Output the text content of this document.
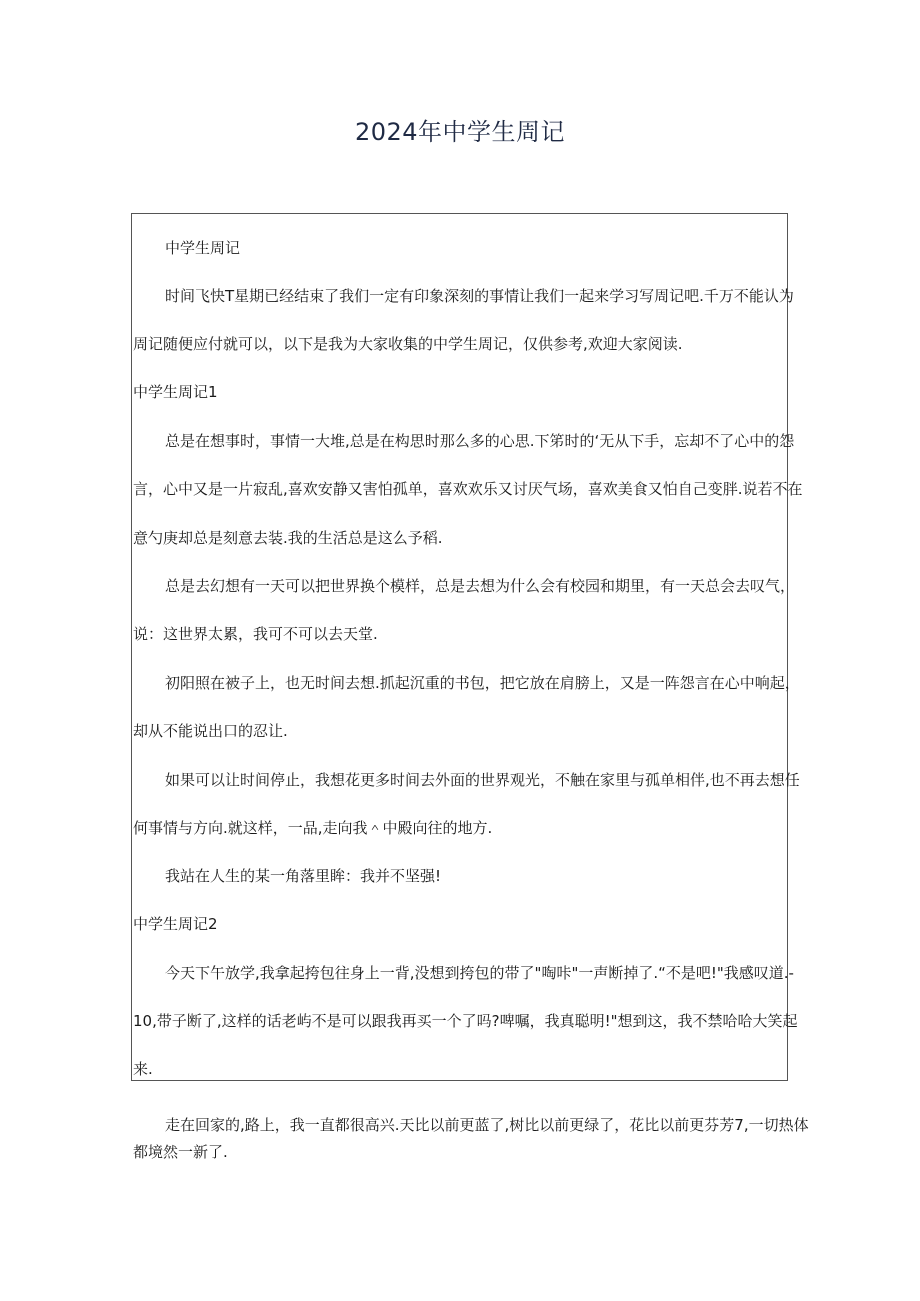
2024年中学生周记
中学生周记
时间飞快T星期已经结束了我们一定有印象深刻的事情让我们一起来学习写周记吧.千万不能认为
周记随便应付就可以，以下是我为大家收集的中学生周记，仅供参考,欢迎大家阅读.
中学生周记1
总是在想事时，事情一大堆,总是在构思时那么多的心思.下笫时的‘无从下手，忘却不了心中的怨
言，心中又是一片寂乱,喜欢安静又害怕孤单，喜欢欢乐又讨厌气场，喜欢美食又怕自己变胖.说若不在
意勺庚却总是刻意去装.我的生活总是这么予稻.
总是去幻想有一天可以把世界换个模样，总是去想为什么会有校园和期里，有一天总会去叹气，
说：这世界太累，我可不可以去天堂.
初阳照在被子上，也无时间去想.抓起沉重的书包，把它放在肩膀上，又是一阵怨言在心中响起，
却从不能说出口的忍让.
如果可以让时间停止，我想花更多时间去外面的世界观光，不触在家里与孤单相伴,也不再去想任
何事情与方向.就这样，一品,走向我＾中殿向往的地方.
我站在人生的某一角落里眸：我并不坚强!
中学生周记2
今天下午放学,我拿起挎包往身上一背,没想到挎包的带了"啕咔"一声断掉了.“不是吧!"我感叹道.-
10,带子断了,这样的话老屿不是可以跟我再买一个了吗?啤嘱，我真聪明!"想到这，我不禁哈哈大笑起
来.
走在回家的,路上，我一直都很高兴.天比以前更蓝了,树比以前更绿了，花比以前更芬芳7,一切热体
都境然一新了.
